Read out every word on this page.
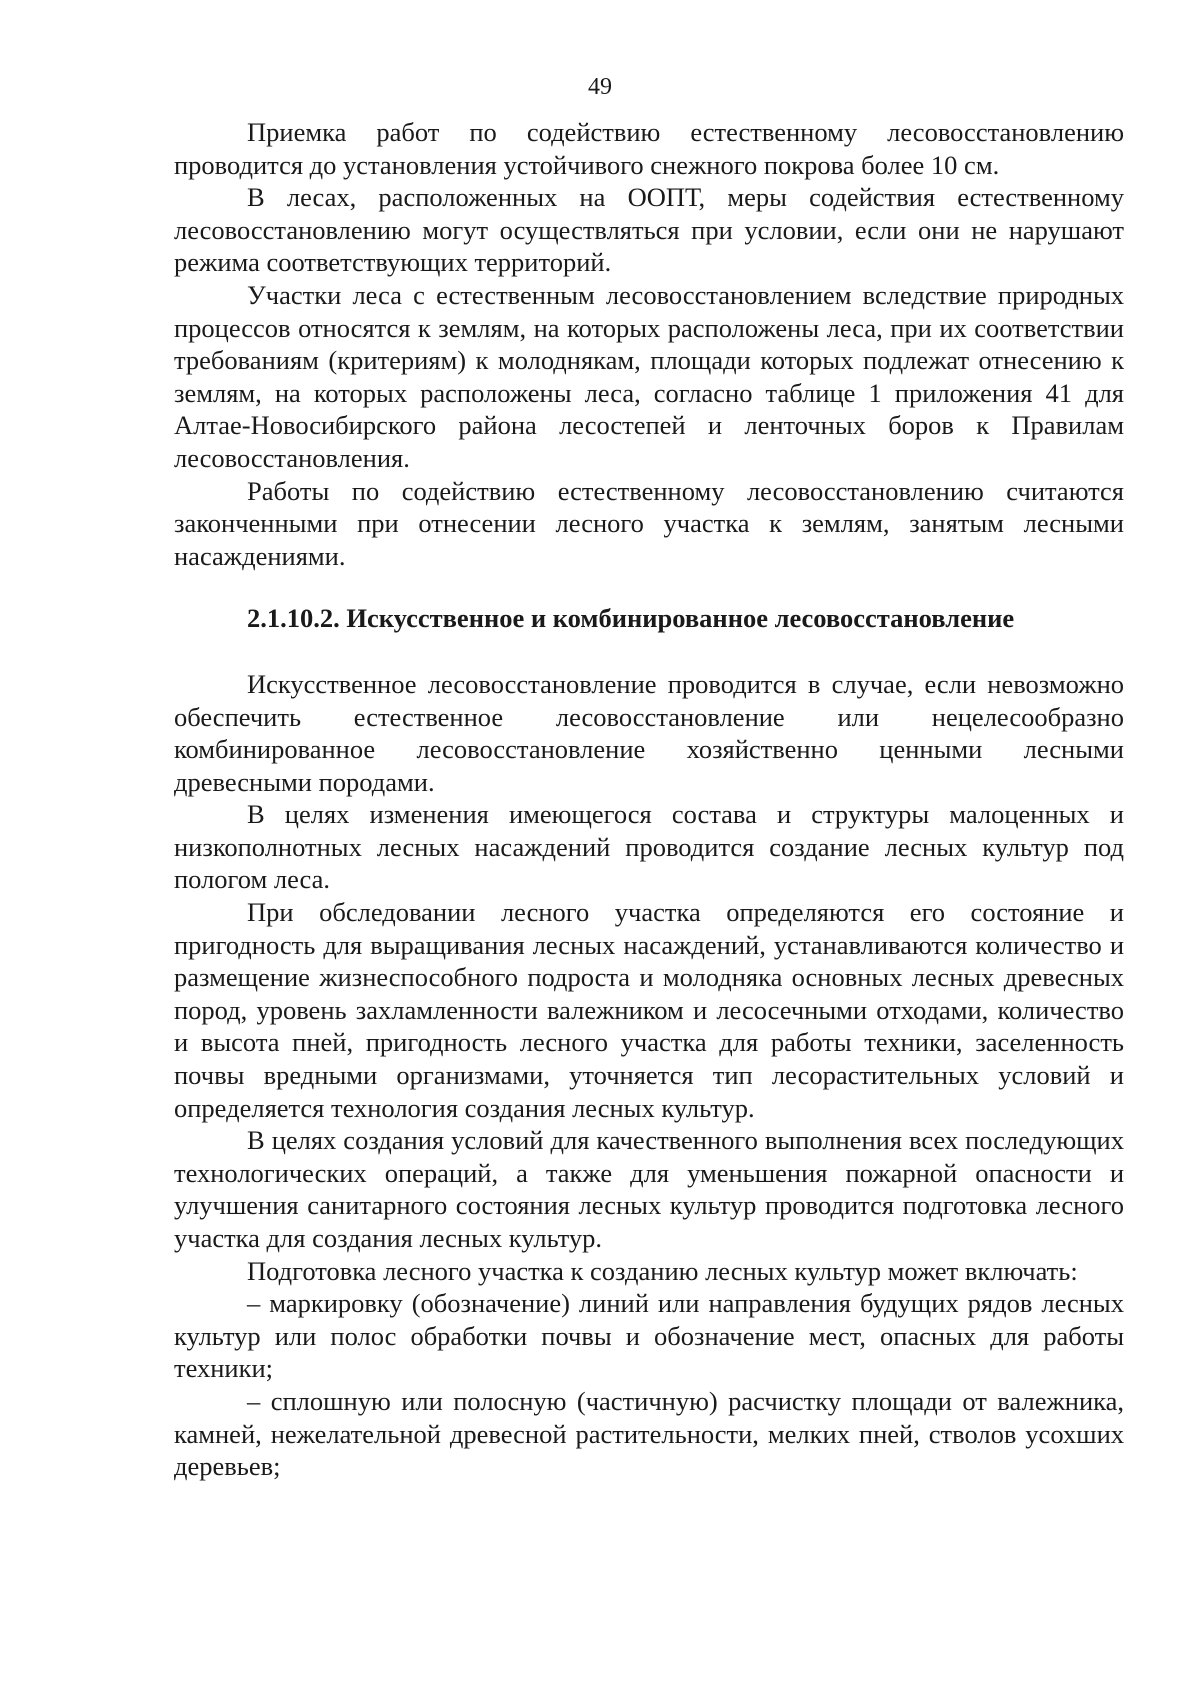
49

Приемка работ по содействию естественному лесовосстановлению проводится до установления устойчивого снежного покрова более 10 см.

В лесах, расположенных на ООПТ, меры содействия естественному лесовосстановлению могут осуществляться при условии, если они не нарушают режима соответствующих территорий.

Участки леса с естественным лесовосстановлением вследствие природных процессов относятся к землям, на которых расположены леса, при их соответствии требованиям (критериям) к молоднякам, площади которых подлежат отнесению к землям, на которых расположены леса, согласно таблице 1 приложения 41 для Алтае-Новосибирского района лесостепей и ленточных боров к Правилам лесовосстановления.

Работы по содействию естественному лесовосстановлению считаются законченными при отнесении лесного участка к землям, занятым лесными насаждениями.

2.1.10.2. Искусственное и комбинированное лесовосстановление

Искусственное лесовосстановление проводится в случае, если невозможно обеспечить естественное лесовосстановление или нецелесообразно комбинированное лесовосстановление хозяйственно ценными лесными древесными породами.

В целях изменения имеющегося состава и структуры малоценных и низкополнотных лесных насаждений проводится создание лесных культур под пологом леса.

При обследовании лесного участка определяются его состояние и пригодность для выращивания лесных насаждений, устанавливаются количество и размещение жизнеспособного подроста и молодняка основных лесных древесных пород, уровень захламленности валежником и лесосечными отходами, количество и высота пней, пригодность лесного участка для работы техники, заселенность почвы вредными организмами, уточняется тип лесорастительных условий и определяется технология создания лесных культур.

В целях создания условий для качественного выполнения всех последующих технологических операций, а также для уменьшения пожарной опасности и улучшения санитарного состояния лесных культур проводится подготовка лесного участка для создания лесных культур.

Подготовка лесного участка к созданию лесных культур может включать:

– маркировку (обозначение) линий или направления будущих рядов лесных культур или полос обработки почвы и обозначение мест, опасных для работы техники;

– сплошную или полосную (частичную) расчистку площади от валежника, камней, нежелательной древесной растительности, мелких пней, стволов усохших деревьев;
